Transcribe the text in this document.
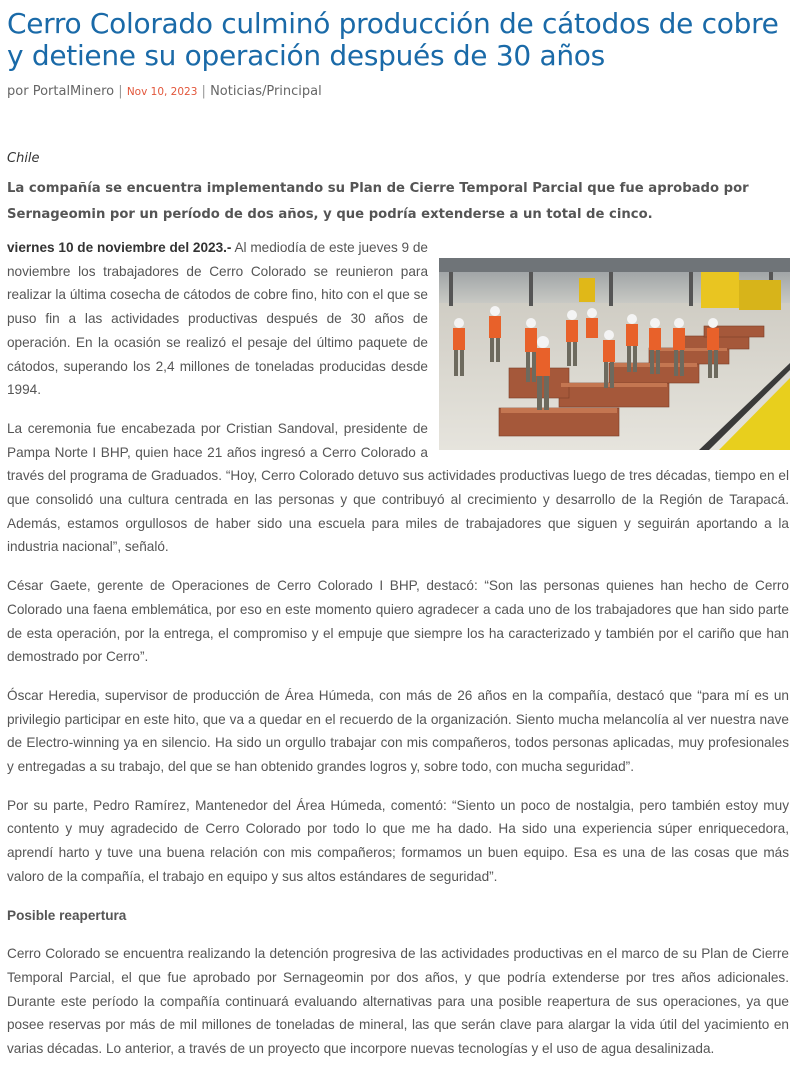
Cerro Colorado culminó producción de cátodos de cobre y detiene su operación después de 30 años
por PortalMinero | Nov 10, 2023 | Noticias/Principal
Chile

La compañía se encuentra implementando su Plan de Cierre Temporal Parcial que fue aprobado por Sernageomin por un período de dos años, y que podría extenderse a un total de cinco.

viernes 10 de noviembre del 2023.- Al mediodía de este jueves 9 de noviembre los trabajadores de Cerro Colorado se reunieron para realizar la última cosecha de cátodos de cobre fino, hito con el que se puso fin a las actividades productivas después de 30 años de operación. En la ocasión se realizó el pesaje del último paquete de cátodos, superando los 2,4 millones de toneladas producidas desde 1994.

La ceremonia fue encabezada por Cristian Sandoval, presidente de Pampa Norte I BHP, quien hace 21 años ingresó a Cerro Colorado a través del programa de Graduados. “Hoy, Cerro Colorado detuvo sus actividades productivas luego de tres décadas, tiempo en el que consolidó una cultura centrada en las personas y que contribuyó al crecimiento y desarrollo de la Región de Tarapacá. Además, estamos orgullosos de haber sido una escuela para miles de trabajadores que siguen y seguirán aportando a la industria nacional”, señaló.

César Gaete, gerente de Operaciones de Cerro Colorado I BHP, destacó: “Son las personas quienes han hecho de Cerro Colorado una faena emblemática, por eso en este momento quiero agradecer a cada uno de los trabajadores que han sido parte de esta operación, por la entrega, el compromiso y el empuje que siempre los ha caracterizado y también por el cariño que han demostrado por Cerro”.

Óscar Heredia, supervisor de producción de Área Húmeda, con más de 26 años en la compañía, destacó que “para mí es un privilegio participar en este hito, que va a quedar en el recuerdo de la organización. Siento mucha melancolía al ver nuestra nave de Electro-winning ya en silencio. Ha sido un orgullo trabajar con mis compañeros, todos personas aplicadas, muy profesionales y entregadas a su trabajo, del que se han obtenido grandes logros y, sobre todo, con mucha seguridad”.

Por su parte, Pedro Ramírez, Mantenedor del Área Húmeda, comentó: “Siento un poco de nostalgia, pero también estoy muy contento y muy agradecido de Cerro Colorado por todo lo que me ha dado. Ha sido una experiencia súper enriquecedora, aprendí harto y tuve una buena relación con mis compañeros; formamos un buen equipo. Esa es una de las cosas que más valoro de la compañía, el trabajo en equipo y sus altos estándares de seguridad”.

Posible reapertura

Cerro Colorado se encuentra realizando la detención progresiva de las actividades productivas en el marco de su Plan de Cierre Temporal Parcial, el que fue aprobado por Sernageomin por dos años, y que podría extenderse por tres años adicionales. Durante este período la compañía continuará evaluando alternativas para una posible reapertura de sus operaciones, ya que posee reservas por más de mil millones de toneladas de mineral, las que serán clave para alargar la vida útil del yacimiento en varias décadas. Lo anterior, a través de un proyecto que incorpore nuevas tecnologías y el uso de agua desalinizada.
